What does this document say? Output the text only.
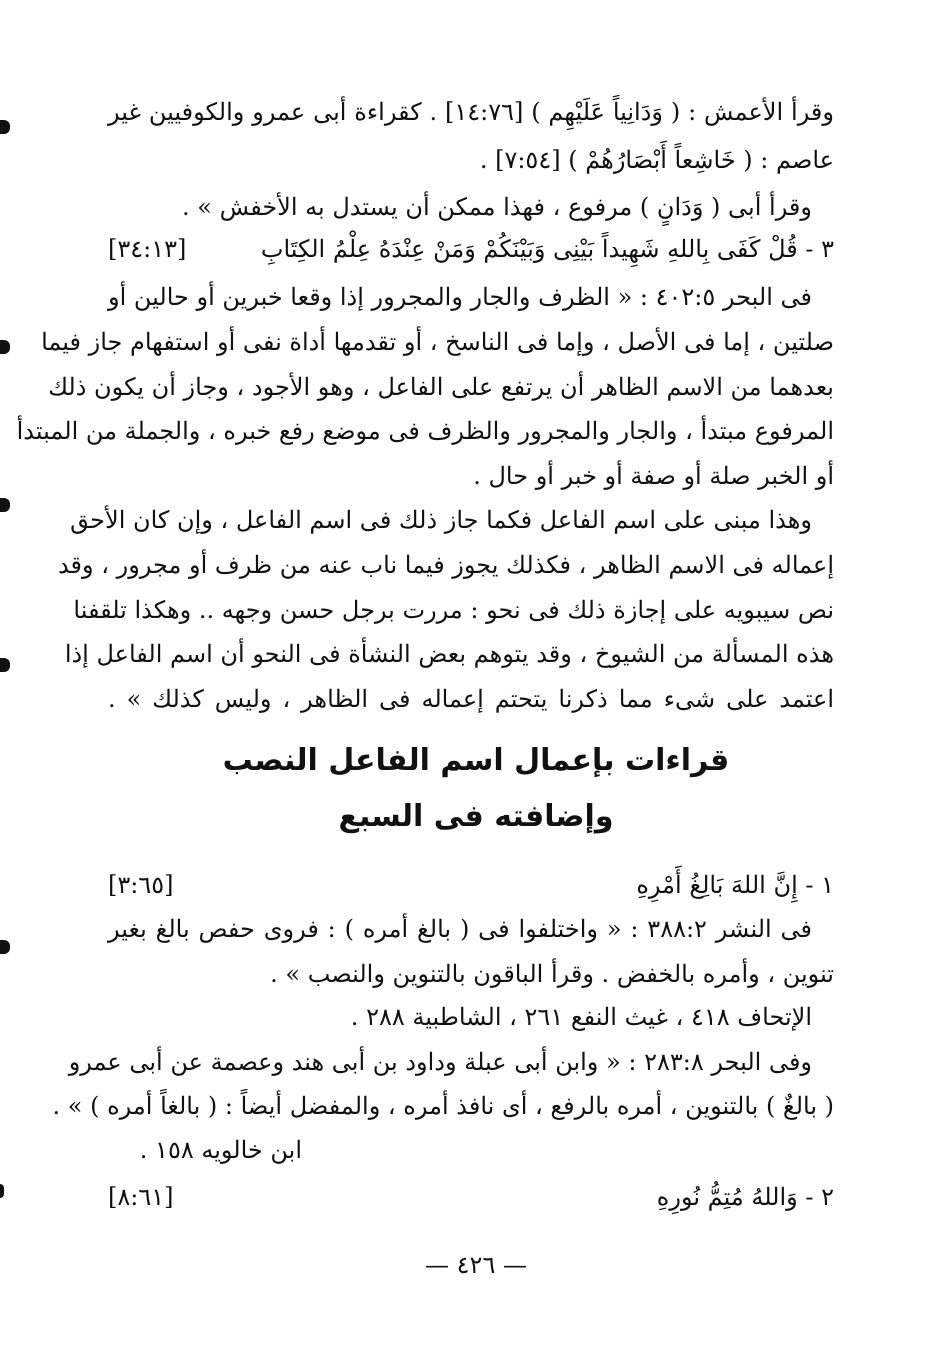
وقرأ الأعمش : ( وَدَانِياً عَلَيْهِم ) [١٤:٧٦] . كقراءة أبى عمرو والكوفيين غير
عاصم : ( خَاشِعاً أَبْصَارُهُمْ ) [٧:٥٤] .
وقرأ أبى ( وَدَانٍ ) مرفوع ، فهذا ممكن أن يستدل به الأخفش » .
٣ - قُلْ كَفَى بِاللهِ شَهِيداً بَيْنِى وَبَيْنَكُمْ وَمَنْ عِنْدَهُ عِلْمُ الكِتَابِ
[٣٤:١٣]
فى البحر ٤٠٢:٥ : « الظرف والجار والمجرور إذا وقعا خبرين أو حالين أو
صلتين ، إما فى الأصل ، وإما فى الناسخ ، أو تقدمها أداة نفى أو استفهام جاز فيما
بعدهما من الاسم الظاهر أن يرتفع على الفاعل ، وهو الأجود ، وجاز أن يكون ذلك
المرفوع مبتدأ ، والجار والمجرور والظرف فى موضع رفع خبره ، والجملة من المبتدأ
أو الخبر صلة أو صفة أو خبر أو حال .
وهذا مبنى على اسم الفاعل فكما جاز ذلك فى اسم الفاعل ، وإن كان الأحق
إعماله فى الاسم الظاهر ، فكذلك يجوز فيما ناب عنه من ظرف أو مجرور ، وقد
نص سيبويه على إجازة ذلك فى نحو : مررت برجل حسن وجهه .. وهكذا تلقفنا
هذه المسألة من الشيوخ ، وقد يتوهم بعض النشأة فى النحو أن اسم الفاعل إذا
اعتمد على شىء مما ذكرنا يتحتم إعماله فى الظاهر ، وليس كذلك » .
قراءات بإعمال اسم الفاعل النصب
وإضافته فى السبع
١ - إِنَّ اللهَ بَالِغُ أَمْرِهِ
[٣:٦٥]
فى النشر ٣٨٨:٢ : « واختلفوا فى ( بالغ أمره ) : فروى حفص بالغ بغير
تنوين ، وأمره بالخفض . وقرأ الباقون بالتنوين والنصب » .
الإتحاف ٤١٨ ، غيث النفع ٢٦١ ، الشاطبية ٢٨٨ .
وفى البحر ٢٨٣:٨ : « وابن أبى عبلة وداود بن أبى هند وعصمة عن أبى عمرو
( بالغٌ ) بالتنوين ، أمره بالرفع ، أى نافذ أمره ، والمفضل أيضاً : ( بالغاً أمره ) » .
ابن خالويه ١٥٨ .
٢ - وَاللهُ مُتِمُّ نُورِهِ
[٨:٦١]
— ٤٢٦ —
